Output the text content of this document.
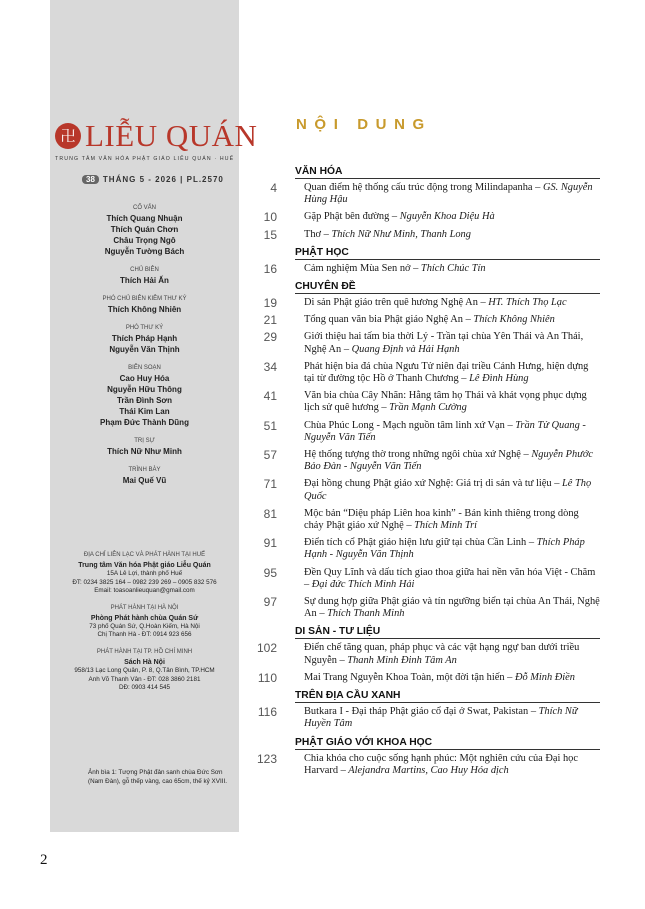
卍 LIỄU QUÁN
TRUNG TÂM VĂN HÓA PHẬT GIÁO LIỄU QUÁN · HUẾ
38 THÁNG 5 - 2026 | PL.2570
CỐ VẤN
Thích Quang Nhuận
Thích Quán Chơn
Châu Trọng Ngô
Nguyễn Tường Bách
CHỦ BIÊN
Thích Hải Ấn
PHÓ CHỦ BIÊN KIÊM THƯ KÝ
Thích Không Nhiên
PHÓ THƯ KÝ
Thích Pháp Hạnh
Nguyễn Văn Thịnh
BIÊN SOẠN
Cao Huy Hóa
Nguyễn Hữu Thông
Trần Đình Sơn
Thái Kim Lan
Phạm Đức Thành Dũng
TRỊ SỰ
Thích Nữ Như Minh
TRÌNH BÀY
Mai Quế Vũ
ĐỊA CHỈ LIÊN LẠC VÀ PHÁT HÀNH TẠI HUẾ
Trung tâm Văn hóa Phật giáo Liễu Quán
15A Lê Lợi, thành phố Huế
ĐT: 0234 3825 164 – 0982 239 269 – 0905 832 576
Email: toasoanlieuquan@gmail.com
PHÁT HÀNH TẠI HÀ NỘI
Phòng Phát hành chùa Quán Sứ
73 phố Quán Sứ, Q.Hoàn Kiếm, Hà Nội
Chị Thanh Hà - ĐT: 0914 923 656
PHÁT HÀNH TẠI TP. HỒ CHÍ MINH
Sách Hà Nội
958/13 Lạc Long Quân, P. 8, Q.Tân Bình, TP.HCM
Anh Võ Thanh Vân - ĐT: 028 3860 2181
DĐ: 0903 414 545
Ảnh bìa 1: Tượng Phật đản sanh chùa Đức Sơn (Nam Đàn), gỗ thếp vàng, cao 65cm, thế kỷ XVIII.
2
NỘI DUNG
VĂN HÓA
4	Quan điểm hệ thống cấu trúc động trong Milindapanha – GS. Nguyễn Hùng Hậu
10	Gặp Phật bên đường – Nguyễn Khoa Diệu Hà
15	Thơ – Thích Nữ Như Minh, Thanh Long
PHẬT HỌC
16	Cảm nghiệm Mùa Sen nở – Thích Chúc Tín
CHUYÊN ĐỀ
19	Di sản Phật giáo trên quê hương Nghệ An – HT. Thích Thọ Lạc
21	Tổng quan văn bia Phật giáo Nghệ An – Thích Không Nhiên
29	Giới thiệu hai tấm bia thời Lý - Trần tại chùa Yên Thái và An Thái, Nghệ An – Quang Định và Hải Hạnh
34	Phát hiện bia đá chùa Ngưu Tử niên đại triều Cảnh Hưng, hiện dựng tại từ đường tộc Hồ ở Thanh Chương – Lê Đình Hùng
41	Văn bia chùa Cây Nhãn: Hằng tâm họ Thái và khát vọng phục dựng lịch sử quê hương – Trần Mạnh Cường
51	Chùa Phúc Long - Mạch nguồn tâm linh xứ Vạn – Trần Tử Quang - Nguyễn Văn Tiến
57	Hệ thống tượng thờ trong những ngôi chùa xứ Nghệ – Nguyễn Phước Bảo Đàn - Nguyễn Văn Tiến
71	Đại hồng chung Phật giáo xứ Nghệ: Giá trị di sản và tư liệu – Lê Thọ Quốc
81	Mộc bản “Diệu pháp Liên hoa kinh” - Bản kinh thiêng trong dòng chảy Phật giáo xứ Nghệ – Thích Minh Trí
91	Điển tích cổ Phật giáo hiện lưu giữ tại chùa Cần Linh – Thích Pháp Hạnh - Nguyễn Văn Thịnh
95	Đền Quy Lĩnh và dấu tích giao thoa giữa hai nền văn hóa Việt - Chăm – Đại đức Thích Minh Hải
97	Sự dung hợp giữa Phật giáo và tín ngưỡng biển tại chùa An Thái, Nghệ An – Thích Thanh Minh
DI SẢN - TƯ LIỆU
102	Điển chế tăng quan, pháp phục và các vật hạng ngự ban dưới triều Nguyễn – Thanh Minh Đinh Tâm An
110	Mai Trang Nguyễn Khoa Toàn, một đời tận hiến – Đỗ Minh Điền
TRÊN ĐỊA CẦU XANH
116	Butkara I - Đại tháp Phật giáo cổ đại ở Swat, Pakistan – Thích Nữ Huyền Tâm
PHẬT GIÁO VỚI KHOA HỌC
123	Chìa khóa cho cuộc sống hạnh phúc: Một nghiên cứu của Đại học Harvard – Alejandra Martins, Cao Huy Hóa dịch
